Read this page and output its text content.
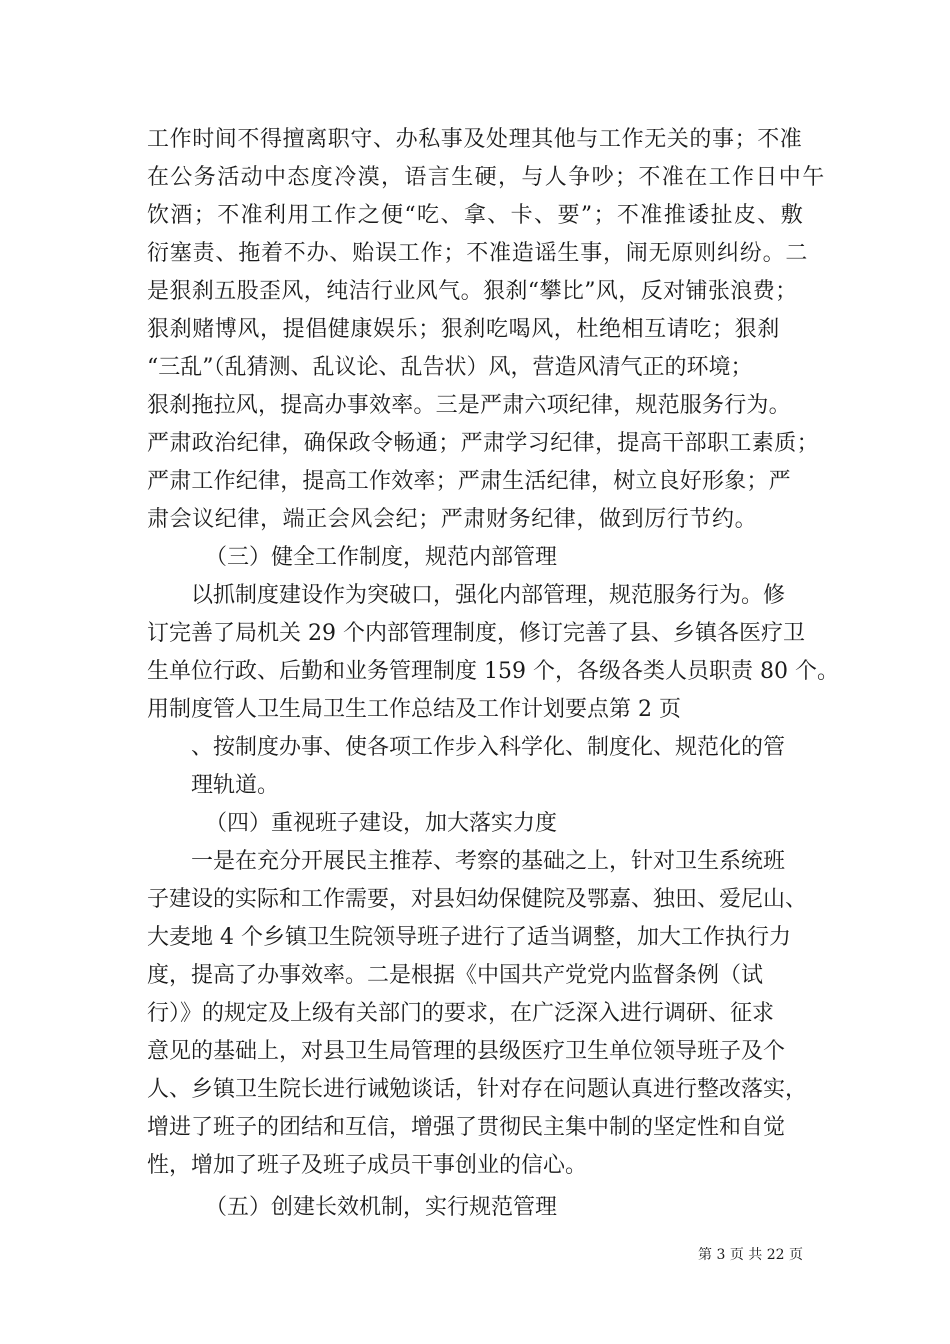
工作时间不得擅离职守、办私事及处理其他与工作无关的事；不准
在公务活动中态度冷漠，语言生硬，与人争吵；不准在工作日中午
饮酒；不准利用工作之便“吃、拿、卡、要”；不准推诿扯皮、敷
衍塞责、拖着不办、贻误工作；不准造谣生事，闹无原则纠纷。二
是狠刹五股歪风，纯洁行业风气。狠刹“攀比”风，反对铺张浪费；
狠刹赌博风，提倡健康娱乐；狠刹吃喝风，杜绝相互请吃；狠刹
“三乱”（乱猜测、乱议论、乱告状）风，营造风清气正的环境；
狠刹拖拉风，提高办事效率。三是严肃六项纪律，规范服务行为。
严肃政治纪律，确保政令畅通；严肃学习纪律，提高干部职工素质；
严肃工作纪律，提高工作效率；严肃生活纪律，树立良好形象；严
肃会议纪律，端正会风会纪；严肃财务纪律，做到厉行节约。
（三）健全工作制度，规范内部管理
以抓制度建设作为突破口，强化内部管理，规范服务行为。修
订完善了局机关 29 个内部管理制度，修订完善了县、乡镇各医疗卫
生单位行政、后勤和业务管理制度 159 个，各级各类人员职责 80 个。
用制度管人卫生局卫生工作总结及工作计划要点第 2 页
、按制度办事、使各项工作步入科学化、制度化、规范化的管
理轨道。
（四）重视班子建设，加大落实力度
一是在充分开展民主推荐、考察的基础之上，针对卫生系统班
子建设的实际和工作需要，对县妇幼保健院及鄂嘉、独田、爱尼山、
大麦地 4 个乡镇卫生院领导班子进行了适当调整，加大工作执行力
度，提高了办事效率。二是根据《中国共产党党内监督条例（试
行）》的规定及上级有关部门的要求，在广泛深入进行调研、征求
意见的基础上，对县卫生局管理的县级医疗卫生单位领导班子及个
人、乡镇卫生院长进行诫勉谈话，针对存在问题认真进行整改落实，
增进了班子的团结和互信，增强了贯彻民主集中制的坚定性和自觉
性，增加了班子及班子成员干事创业的信心。
（五）创建长效机制，实行规范管理
第 3 页 共 22 页
